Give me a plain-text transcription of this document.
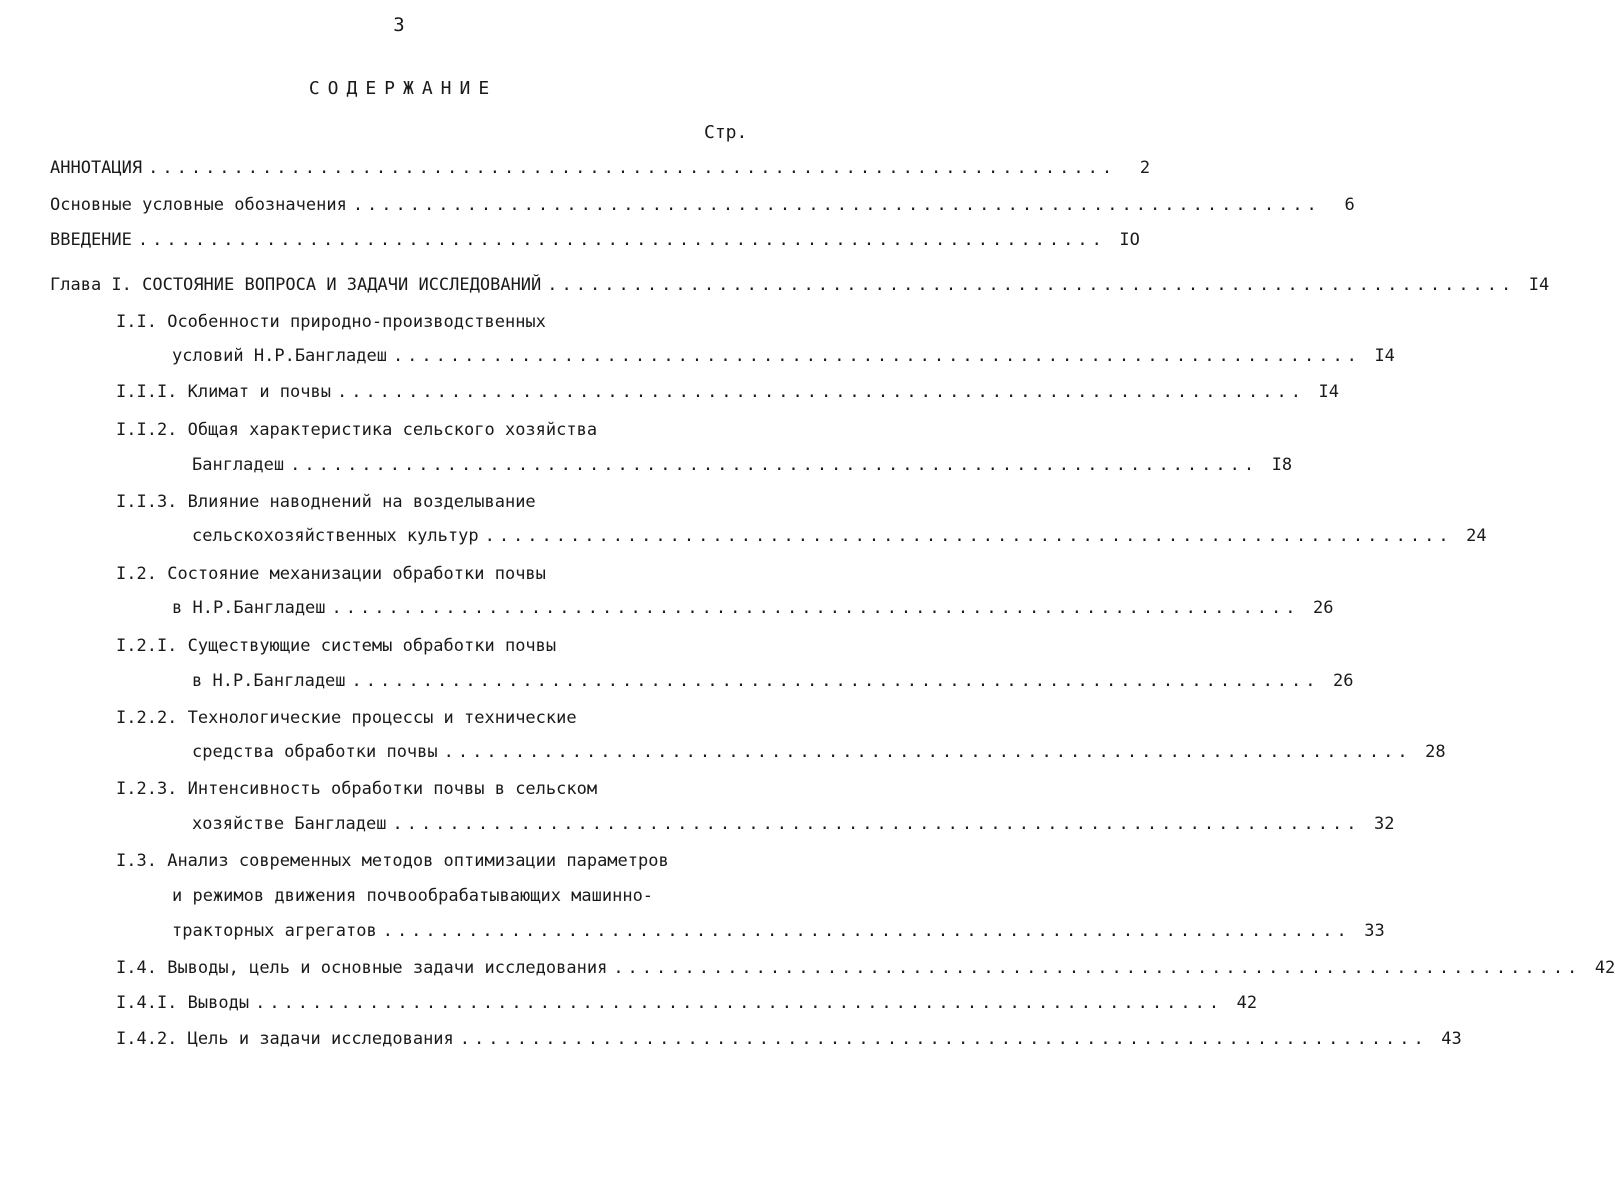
3
СОДЕРЖАНИЕ
Стр.
АННОТАЦИЯ ....................................................................	2
Основные условные обозначения ....................................................................	6
ВВЕДЕНИЕ .................................................................... IO
Глава I. СОСТОЯНИЕ ВОПРОСА И ЗАДАЧИ ИССЛЕДОВАНИЙ .................................................................... I4
I.I. Особенности природно-производственных
условий Н.Р.Бангладеш .................................................................... I4
I.I.I. Климат и почвы .................................................................... I4
I.I.2. Общая характеристика сельского хозяйства
Бангладеш .................................................................... I8
I.I.3. Влияние наводнений на возделывание
сельскохозяйственных культур .................................................................... 24
I.2. Состояние механизации обработки почвы
в Н.Р.Бангладеш .................................................................... 26
I.2.I. Существующие системы обработки почвы
в Н.Р.Бангладеш .................................................................... 26
I.2.2. Технологические процессы и технические
средства обработки почвы .................................................................... 28
I.2.3. Интенсивность обработки почвы в сельском
хозяйстве Бангладеш .................................................................... 32
I.3. Анализ современных методов оптимизации параметров
и режимов движения почвообрабатывающих машинно-
тракторных агрегатов .................................................................... 33
I.4. Выводы, цель и основные задачи исследования .................................................................... 42
I.4.I. Выводы .................................................................... 42
I.4.2. Цель и задачи исследования .................................................................... 43
